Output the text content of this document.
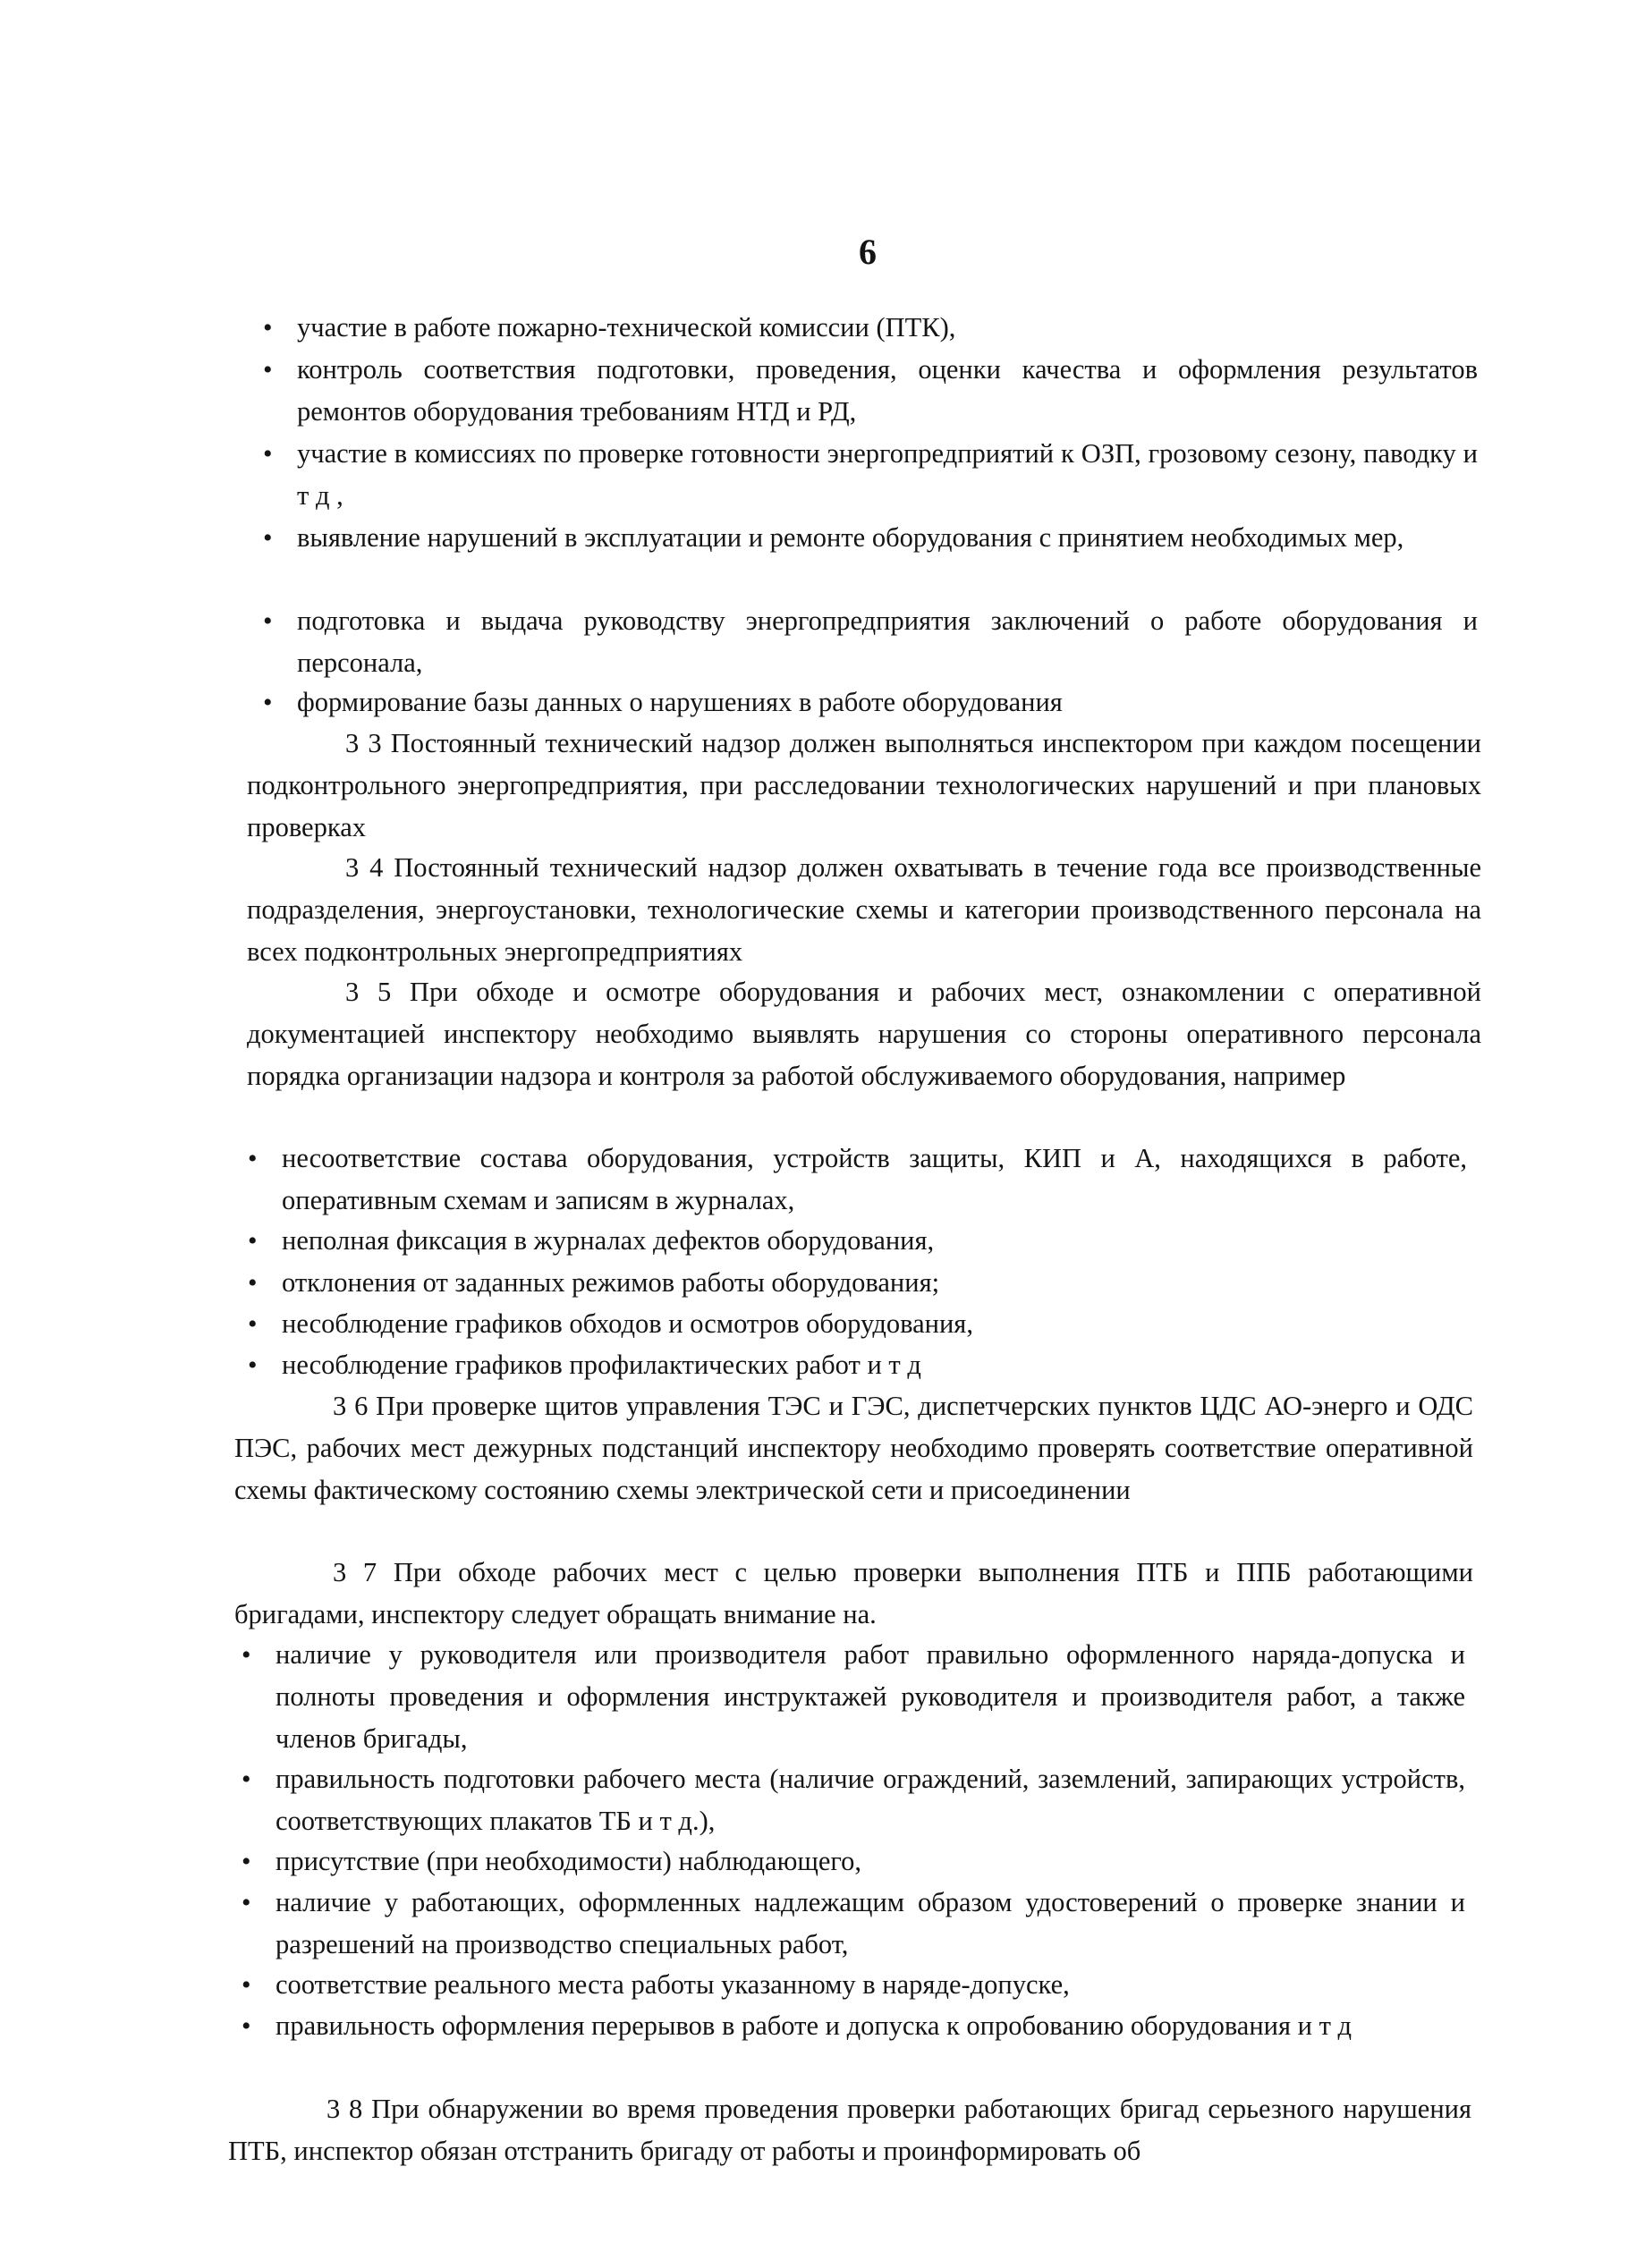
6
• участие в работе пожарно-технической комиссии (ПТК),
• контроль соответствия подготовки, проведения, оценки качества и оформления результатов ремонтов оборудования требованиям НТД и РД,
• участие в комиссиях по проверке готовности энергопредприятий к ОЗП, грозовому сезону, паводку и т д ,
• выявление нарушений в эксплуатации и ремонте оборудования с принятием необходимых мер,
• подготовка и выдача руководству энергопредприятия заключений о работе оборудования и персонала,
• формирование базы данных о нарушениях в работе оборудования
3 3 Постоянный технический надзор должен выполняться инспектором при каждом посещении подконтрольного энергопредприятия, при расследовании технологических нарушений и при плановых проверках
3 4 Постоянный технический надзор должен охватывать в течение года все производственные подразделения, энергоустановки, технологические схемы и категории производственного персонала на всех подконтрольных энергопредприятиях
3 5 При обходе и осмотре оборудования и рабочих мест, ознакомлении с оперативной документацией инспектору необходимо выявлять нарушения со стороны оперативного персонала порядка организации надзора и контроля за работой обслуживаемого оборудования, например
• несоответствие состава оборудования, устройств защиты, КИП и А, находящихся в работе, оперативным схемам и записям в журналах,
• неполная фиксация в журналах дефектов оборудования,
• отклонения от заданных режимов работы оборудования;
• несоблюдение графиков обходов и осмотров оборудования,
• несоблюдение графиков профилактических работ и т д
3 6 При проверке щитов управления ТЭС и ГЭС, диспетчерских пунктов ЦДС АО-энерго и ОДС ПЭС, рабочих мест дежурных подстанций инспектору необходимо проверять соответствие оперативной схемы фактическому состоянию схемы электрической сети и присоединении
3 7 При обходе рабочих мест с целью проверки выполнения ПТБ и ППБ работающими бригадами, инспектору следует обращать внимание на.
• наличие у руководителя или производителя работ правильно оформленного наряда-допуска и полноты проведения и оформления инструктажей руководителя и производителя работ, а также членов бригады,
• правильность подготовки рабочего места (наличие ограждений, заземлений, запирающих устройств, соответствующих плакатов ТБ и т д.),
• присутствие (при необходимости) наблюдающего,
• наличие у работающих, оформленных надлежащим образом удостоверений о проверке знании и разрешений на производство специальных работ,
• соответствие реального места работы указанному в наряде-допуске,
• правильность оформления перерывов в работе и допуска к опробованию оборудования и т д
3 8 При обнаружении во время проведения проверки работающих бригад серьезного нарушения ПТБ, инспектор обязан отстранить бригаду от работы и проинформировать об
